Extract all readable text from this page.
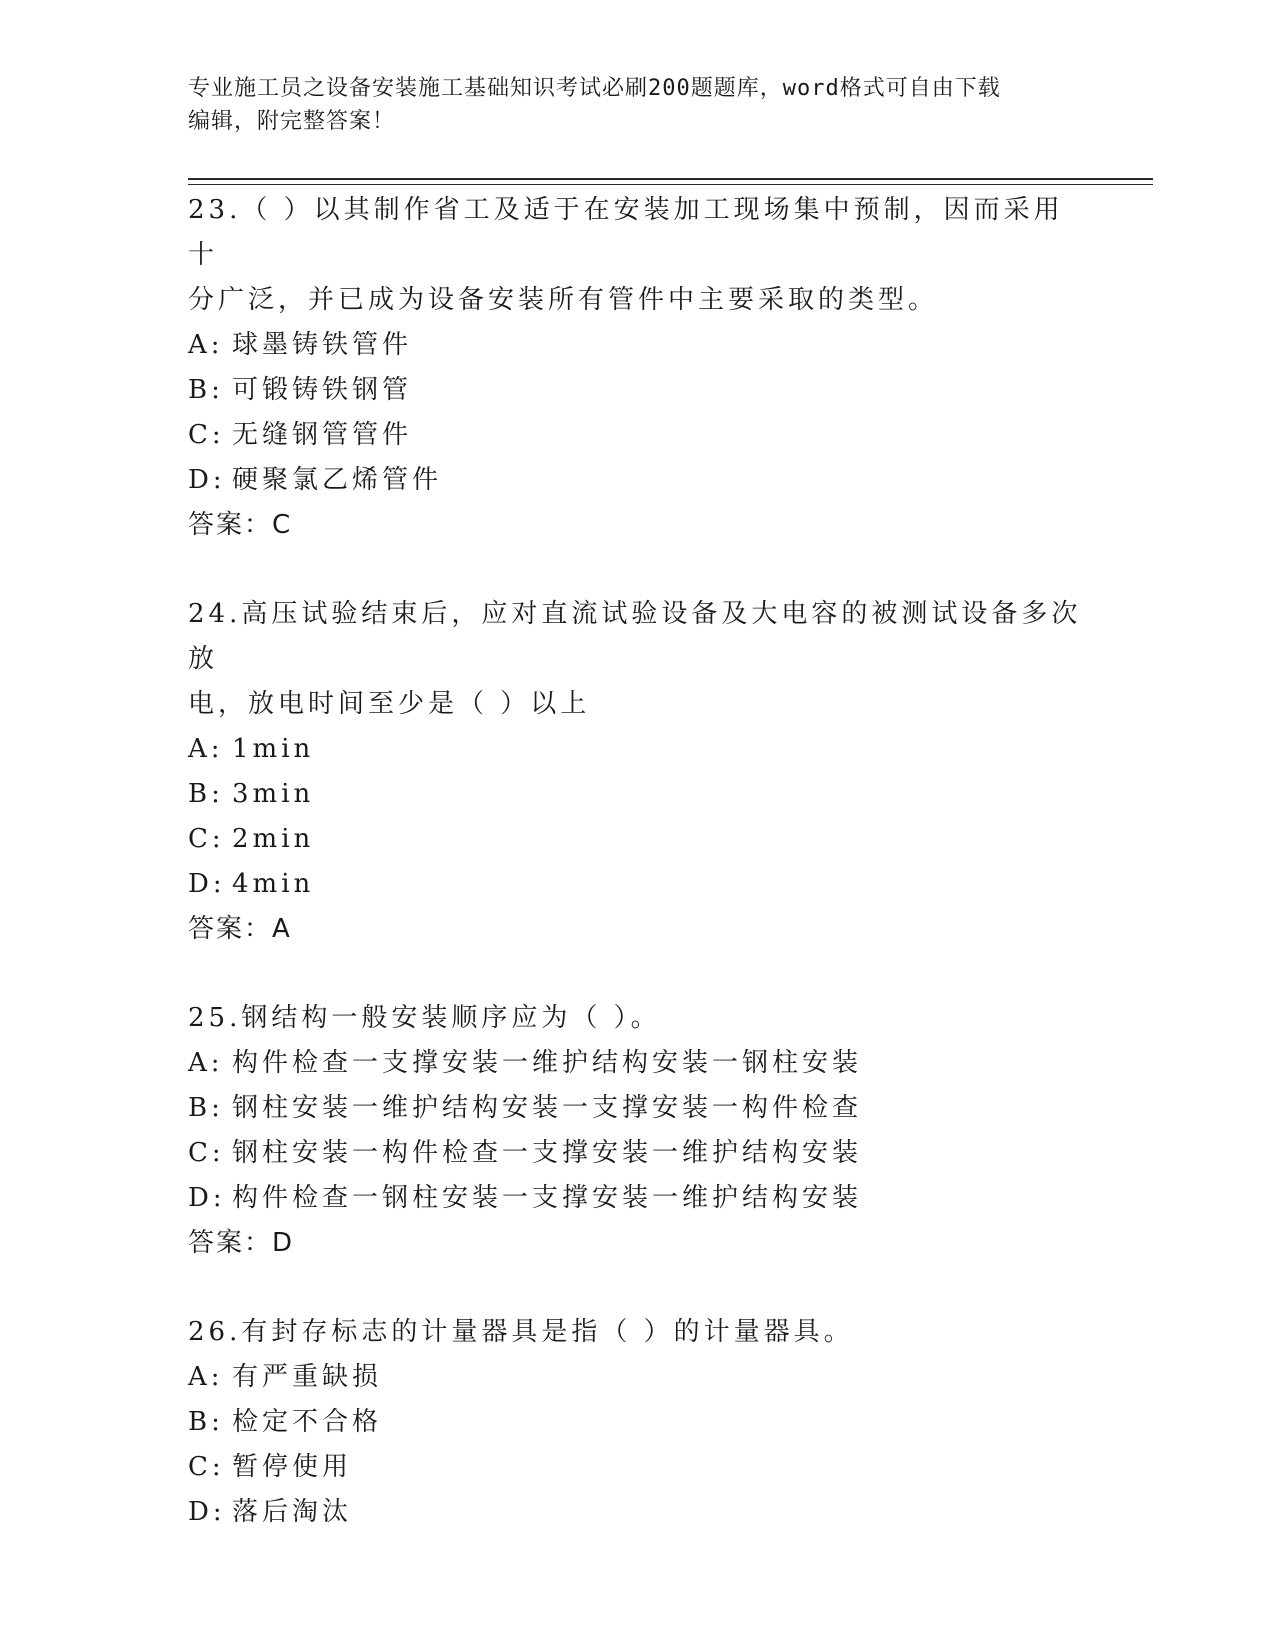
专业施工员之设备安装施工基础知识考试必刷200题题库，word格式可自由下载
编辑，附完整答案！

23.（ ）以其制作省工及适于在安装加工现场集中预制，因而采用十

分广泛，并已成为设备安装所有管件中主要采取的类型。

A: 球墨铸铁管件

B: 可锻铸铁钢管

C: 无缝钢管管件

D: 硬聚氯乙烯管件

答案：C

24.高压试验结束后，应对直流试验设备及大电容的被测试设备多次放

电，放电时间至少是（ ）以上

A: 1min

B: 3min

C: 2min

D: 4min

答案：A

25.钢结构一般安装顺序应为（ ）。

A: 构件检查一支撑安装一维护结构安装一钢柱安装

B: 钢柱安装一维护结构安装一支撑安装一构件检查

C: 钢柱安装一构件检查一支撑安装一维护结构安装

D: 构件检查一钢柱安装一支撑安装一维护结构安装

答案：D

26.有封存标志的计量器具是指（ ）的计量器具。

A: 有严重缺损

B: 检定不合格

C: 暂停使用

D: 落后淘汰
